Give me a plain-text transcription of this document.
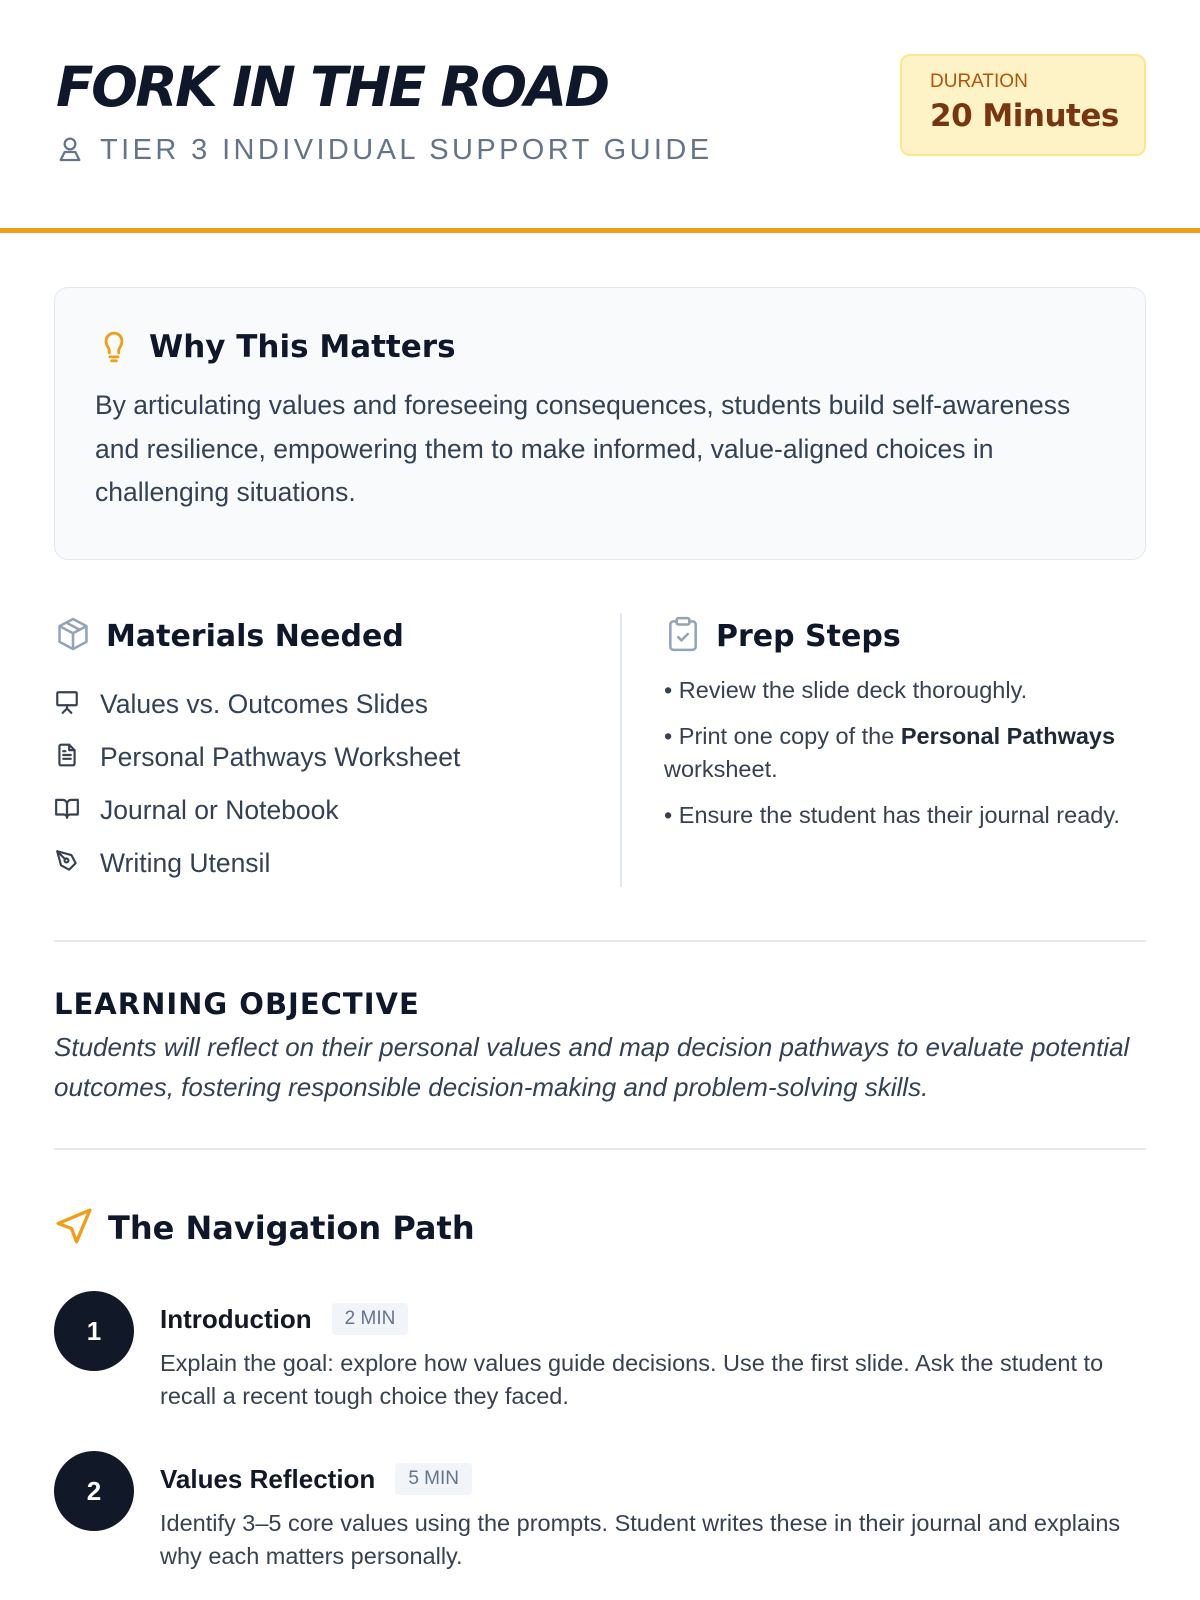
FORK IN THE ROAD
TIER 3 INDIVIDUAL SUPPORT GUIDE
DURATION
20 Minutes
Why This Matters
By articulating values and foreseeing consequences, students build self-awareness and resilience, empowering them to make informed, value-aligned choices in challenging situations.
Materials Needed
Values vs. Outcomes Slides
Personal Pathways Worksheet
Journal or Notebook
Writing Utensil
Prep Steps
• Review the slide deck thoroughly.
• Print one copy of the Personal Pathways worksheet.
• Ensure the student has their journal ready.
LEARNING OBJECTIVE
Students will reflect on their personal values and map decision pathways to evaluate potential outcomes, fostering responsible decision-making and problem-solving skills.
The Navigation Path
1	Introduction	2 MIN
Explain the goal: explore how values guide decisions. Use the first slide. Ask the student to recall a recent tough choice they faced.
2	Values Reflection	5 MIN
Identify 3–5 core values using the prompts. Student writes these in their journal and explains why each matters personally.
